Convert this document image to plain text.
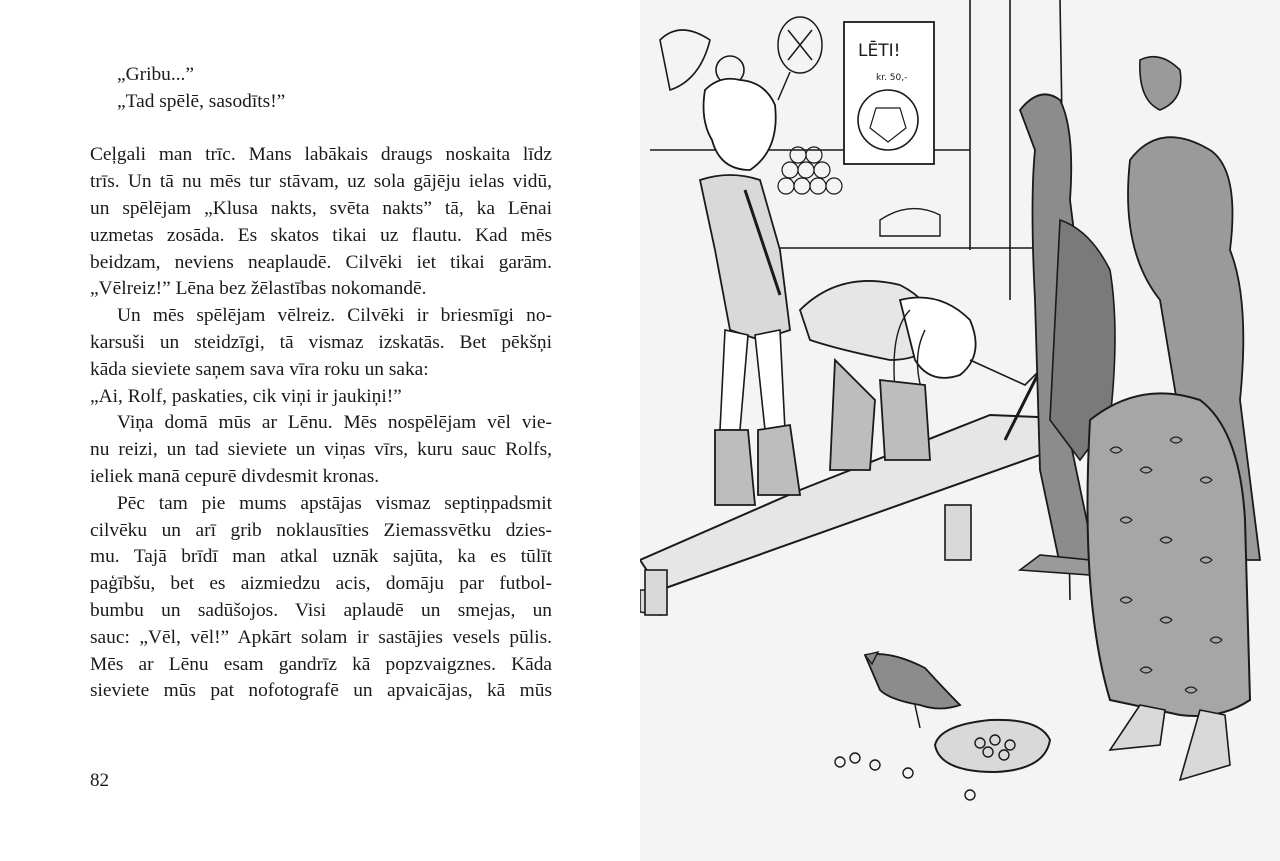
„Gribu...”
„Tad spēlē, sasodīts!”
Ceļgali man trīc. Mans labākais draugs noskaita līdz
trīs. Un tā nu mēs tur stāvam, uz sola gājēju ielas vidū,
un spēlējam „Klusa nakts, svēta nakts” tā, ka Lēnai
uzmetas zosāda. Es skatos tikai uz flautu. Kad mēs
beidzam, neviens neaplaudē. Cilvēki iet tikai garām.
„Vēlreiz!” Lēna bez žēlastības nokomandē.
Un mēs spēlējam vēlreiz. Cilvēki ir briesmīgi no-
karsuši un steidzīgi, tā vismaz izskatās. Bet pēkšņi
kāda sieviete saņem sava vīra roku un saka:
„Ai, Rolf, paskaties, cik viņi ir jaukiņi!”
Viņa domā mūs ar Lēnu. Mēs nospēlējam vēl vie-
nu reizi, un tad sieviete un viņas vīrs, kuru sauc Rolfs,
ieliek manā cepurē divdesmit kronas.
Pēc tam pie mums apstājas vismaz septiņpadsmit
cilvēku un arī grib noklausīties Ziemassvētku dzies-
mu. Tajā brīdī man atkal uznāk sajūta, ka es tūlīt
paģībšu, bet es aizmiedzu acis, domāju par futbol-
bumbu un sadūšojos. Visi aplaudē un smejas, un
sauc: „Vēl, vēl!” Apkārt solam ir sastājies vesels pūlis.
Mēs ar Lēnu esam gandrīz kā popzvaigznes. Kāda
sieviete mūs pat nofotografē un apvaicājas, kā mūs
82
LĒTI!
kr. 50,-
